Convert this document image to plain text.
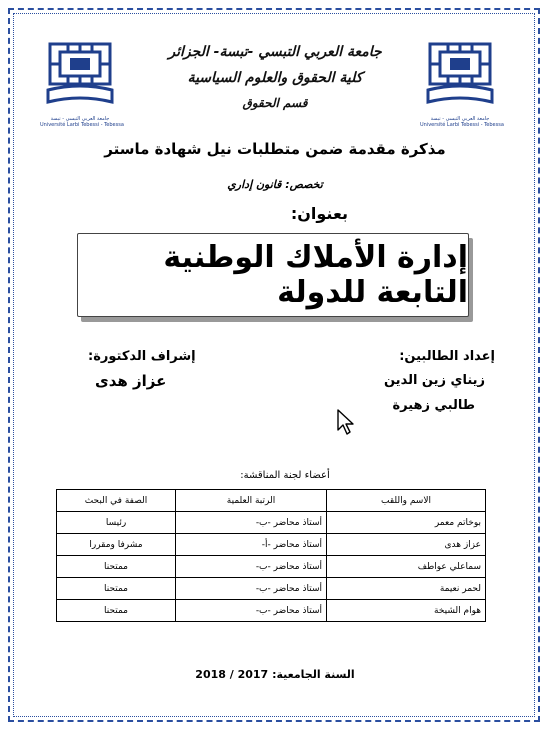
جامعة العربي التبسي - تبسة
Université Larbi Tebessi - Tebessa
جامعة العربي التبسي - تبسة
Université Larbi Tebessi - Tebessa
جامعة العربي التبسي -تبسة- الجزائر
كلية الحقوق والعلوم السياسية
قسم الحقوق
مذكرة مقدمة ضمن متطلبات نيل شهادة ماستر
تخصص: قانون إداري
بعنوان:
إدارة الأملاك الوطنية التابعة للدولة
إعداد الطالبين:
زيناي زين الدين
طالبي زهيرة
إشراف الدكتورة:
عزاز هدى
أعضاء لجنة المناقشة:
الاسم واللقب	الرتبة العلمية	الصفة في البحث
بوخاتم معمر	أستاذ محاضر -ب-	رئيسا
عزاز هدى	أستاذ محاضر -أ-	مشرفا ومقررا
سماعلي عواطف	أستاذ محاضر -ب-	ممتحنا
لحمر نعيمة	أستاذ محاضر -ب-	ممتحنا
هوام الشيخة	أستاذ محاضر -ب-	ممتحنا
السنة الجامعية: 2018 / 2017
